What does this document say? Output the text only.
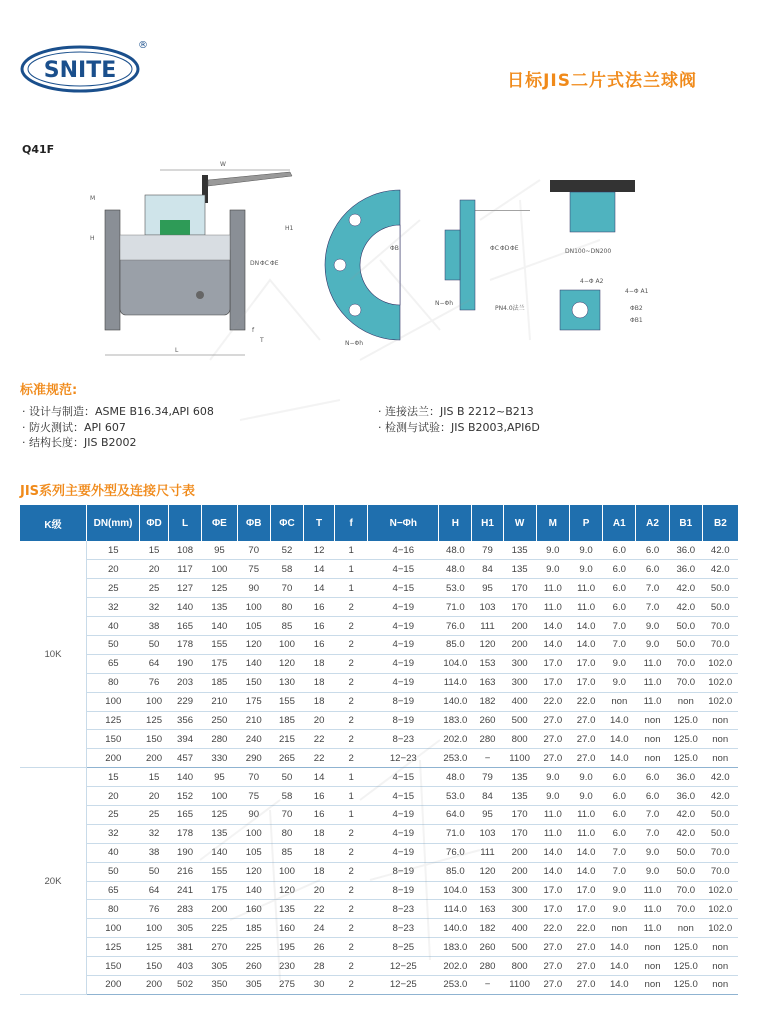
SNITE
®
日标JIS二片式法兰球阀
Q41F
W
L
M
H
H1
DN ΦC ΦE
f
T
ΦB
N−Φh
ΦC ΦD ΦE
N−Φh
PN4.0法兰
DN100~DN200
4−Φ A2
4−Φ A1
ΦB2
ΦB1
标准规范:
· 设计与制造：ASME B16.34,API 608
· 防火测试：API 607
· 结构长度：JIS B2002
· 连接法兰：JIS B 2212~B213
· 检测与试验：JIS B2003,API6D
JIS系列主要外型及连接尺寸表
K级	DN(mm)	ΦD	L	ΦE	ΦB	ΦC	T	f	N−Φh	H	H1	W	M	P	A1	A2	B1	B2
10K	15	15	108	95	70	52	12	1	4−16	48.0	79	135	9.0	9.0	6.0	6.0	36.0	42.0
	20	20	117	100	75	58	14	1	4−15	48.0	84	135	9.0	9.0	6.0	6.0	36.0	42.0
	25	25	127	125	90	70	14	1	4−15	53.0	95	170	11.0	11.0	6.0	7.0	42.0	50.0
	32	32	140	135	100	80	16	2	4−19	71.0	103	170	11.0	11.0	6.0	7.0	42.0	50.0
	40	38	165	140	105	85	16	2	4−19	76.0	111	200	14.0	14.0	7.0	9.0	50.0	70.0
	50	50	178	155	120	100	16	2	4−19	85.0	120	200	14.0	14.0	7.0	9.0	50.0	70.0
	65	64	190	175	140	120	18	2	4−19	104.0	153	300	17.0	17.0	9.0	11.0	70.0	102.0
	80	76	203	185	150	130	18	2	4−19	114.0	163	300	17.0	17.0	9.0	11.0	70.0	102.0
	100	100	229	210	175	155	18	2	8−19	140.0	182	400	22.0	22.0	non	11.0	non	102.0
	125	125	356	250	210	185	20	2	8−19	183.0	260	500	27.0	27.0	14.0	non	125.0	non
	150	150	394	280	240	215	22	2	8−23	202.0	280	800	27.0	27.0	14.0	non	125.0	non
	200	200	457	330	290	265	22	2	12−23	253.0	−	1100	27.0	27.0	14.0	non	125.0	non
20K	15	15	140	95	70	50	14	1	4−15	48.0	79	135	9.0	9.0	6.0	6.0	36.0	42.0
	20	20	152	100	75	58	16	1	4−15	53.0	84	135	9.0	9.0	6.0	6.0	36.0	42.0
	25	25	165	125	90	70	16	1	4−19	64.0	95	170	11.0	11.0	6.0	7.0	42.0	50.0
	32	32	178	135	100	80	18	2	4−19	71.0	103	170	11.0	11.0	6.0	7.0	42.0	50.0
	40	38	190	140	105	85	18	2	4−19	76.0	111	200	14.0	14.0	7.0	9.0	50.0	70.0
	50	50	216	155	120	100	18	2	8−19	85.0	120	200	14.0	14.0	7.0	9.0	50.0	70.0
	65	64	241	175	140	120	20	2	8−19	104.0	153	300	17.0	17.0	9.0	11.0	70.0	102.0
	80	76	283	200	160	135	22	2	8−23	114.0	163	300	17.0	17.0	9.0	11.0	70.0	102.0
	100	100	305	225	185	160	24	2	8−23	140.0	182	400	22.0	22.0	non	11.0	non	102.0
	125	125	381	270	225	195	26	2	8−25	183.0	260	500	27.0	27.0	14.0	non	125.0	non
	150	150	403	305	260	230	28	2	12−25	202.0	280	800	27.0	27.0	14.0	non	125.0	non
	200	200	502	350	305	275	30	2	12−25	253.0	−	1100	27.0	27.0	14.0	non	125.0	non
